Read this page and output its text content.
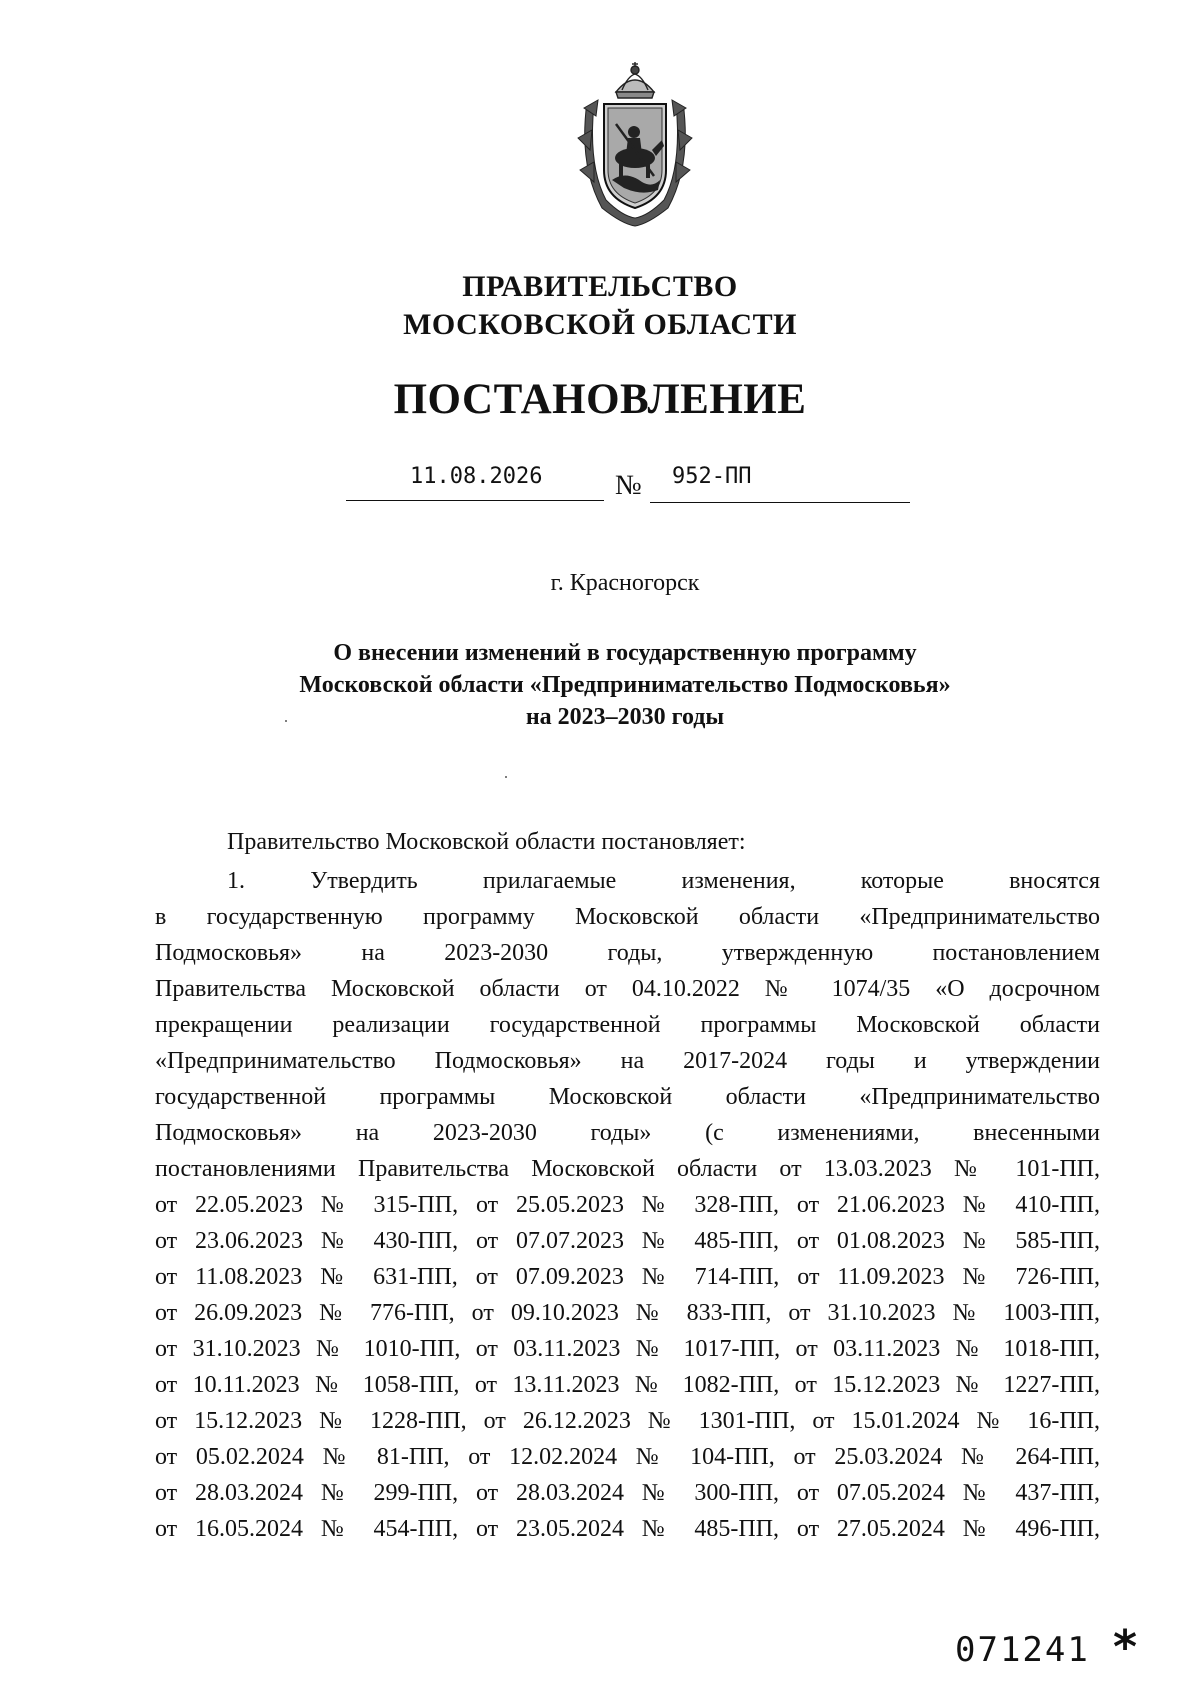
ПРАВИТЕЛЬСТВО
МОСКОВСКОЙ ОБЛАСТИ
ПОСТАНОВЛЕНИЕ
11.08.2026	№ 952-ПП
г. Красногорск
О внесении изменений в государственную программу
Московской области «Предпринимательство Подмосковья»
на 2023–2030 годы
Правительство Московской области постановляет:
1. Утвердить прилагаемые изменения, которые вносятся
в государственную программу Московской области «Предпринимательство
Подмосковья» на 2023-2030 годы, утвержденную постановлением
Правительства Московской области от 04.10.2022 № 1074/35 «О досрочном
прекращении реализации государственной программы Московской области
«Предпринимательство Подмосковья» на 2017-2024 годы и утверждении
государственной программы Московской области «Предпринимательство
Подмосковья» на 2023-2030 годы» (с изменениями, внесенными
постановлениями Правительства Московской области от 13.03.2023 № 101-ПП,
от 22.05.2023 № 315-ПП, от 25.05.2023 № 328-ПП, от 21.06.2023 № 410-ПП,
от 23.06.2023 № 430-ПП, от 07.07.2023 № 485-ПП, от 01.08.2023 № 585-ПП,
от 11.08.2023 № 631-ПП, от 07.09.2023 № 714-ПП, от 11.09.2023 № 726-ПП,
от 26.09.2023 № 776-ПП, от 09.10.2023 № 833-ПП, от 31.10.2023 № 1003-ПП,
от 31.10.2023 № 1010-ПП, от 03.11.2023 № 1017-ПП, от 03.11.2023 № 1018-ПП,
от 10.11.2023 № 1058-ПП, от 13.11.2023 № 1082-ПП, от 15.12.2023 № 1227-ПП,
от 15.12.2023 № 1228-ПП, от 26.12.2023 № 1301-ПП, от 15.01.2024 № 16-ПП,
от 05.02.2024 № 81-ПП, от 12.02.2024 № 104-ПП, от 25.03.2024 № 264-ПП,
от 28.03.2024 № 299-ПП, от 28.03.2024 № 300-ПП, от 07.05.2024 № 437-ПП,
от 16.05.2024 № 454-ПП, от 23.05.2024 № 485-ПП, от 27.05.2024 № 496-ПП,
071241 *
